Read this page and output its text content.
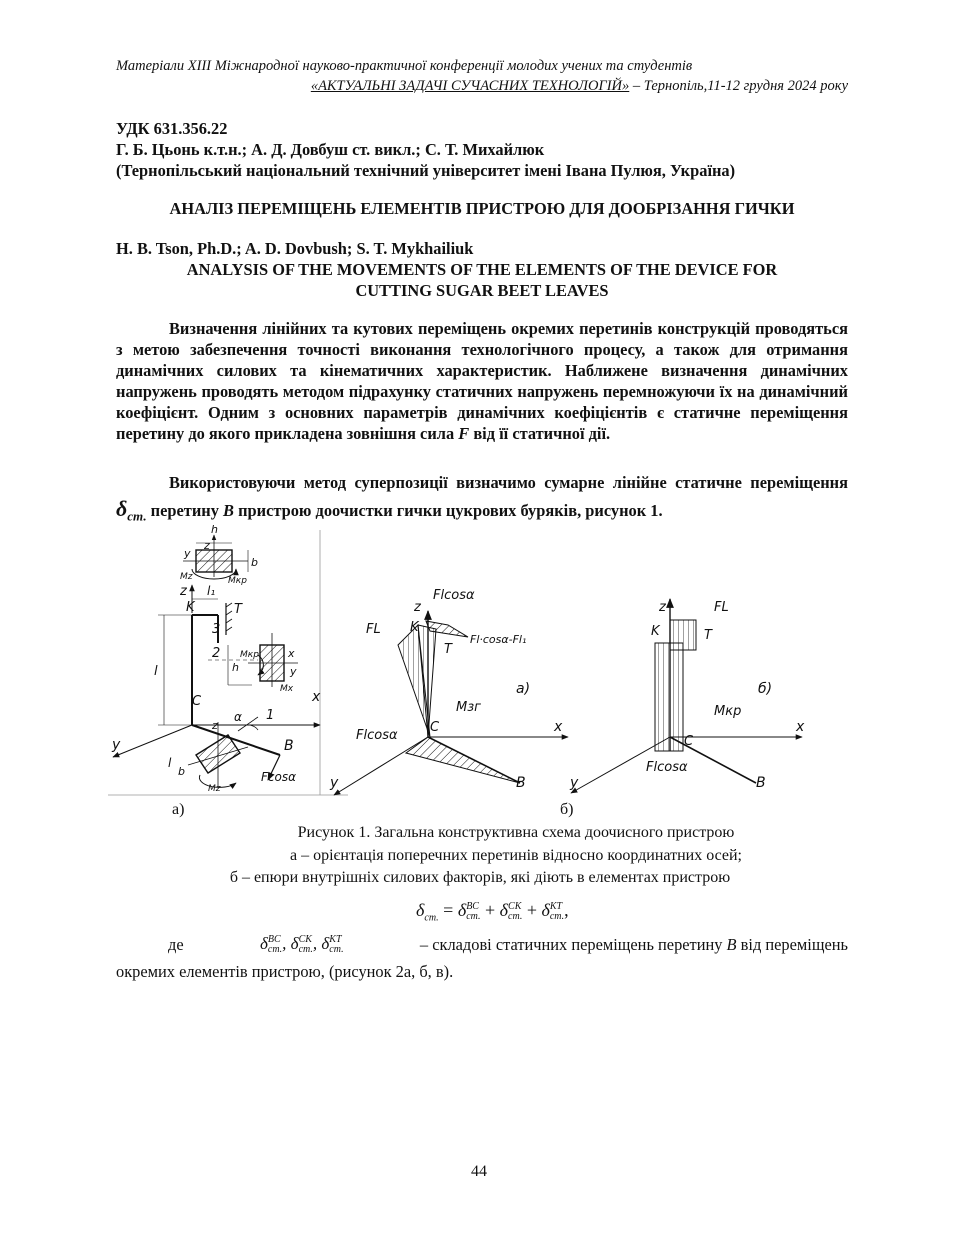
Матеріали XIII Міжнародної науково-практичної конференції молодих учених та студентів
«АКТУАЛЬНІ ЗАДАЧІ СУЧАСНИХ ТЕХНОЛОГІЙ» – Тернопіль,11-12 грудня 2024 року
УДК 631.356.22
Г. Б. Цьонь к.т.н.; А. Д. Довбуш ст. викл.; С. Т. Михайлюк
(Тернопільський національний технічний університет імені Івана Пулюя, Україна)
АНАЛІЗ ПЕРЕМІЩЕНЬ ЕЛЕМЕНТІВ ПРИСТРОЮ ДЛЯ ДООБРІЗАННЯ ГИЧКИ
H. B. Tson, Ph.D.; A. D. Dovbush; S. T. Mykhailiuk
ANALYSIS OF THE MOVEMENTS OF THE ELEMENTS OF THE DEVICE FOR
CUTTING SUGAR BEET LEAVES
Визначення лінійних та кутових переміщень окремих перетинів конструкцій проводяться з метою забезпечення точності виконання технологічного процесу, а також для отримання динамічних силових та кінематичних характеристик. Наближене визначення динамічних напружень проводять методом підрахунку статичних напружень перемножуючи їх на динамічний коефіцієнт. Одним з основних параметрів динамічних коефіцієнтів є статичне переміщення перетину до якого прикладена зовнішня сила F від її статичної дії.
Використовуючи метод суперпозиції визначимо сумарне лінійне статичне переміщення $\delta_{ст.}$ перетину B пристрою доочистки гички цукрових буряків, рисунок 1.
h
z
y
b
Mz	Mкр
z l₁
K	T
3
2
l
Mкр
h
x
y
Mx
C	x
α 1
z
y	B
l
b
Mz
Fcosα
Flcosα
z
FL K
Fl·cosα-Fl₁
T
a)
Mзг
Flcosα
C	x
y	B
z	FL
K	T
б)
Mкр
C
x
Flcosα
y	B
а)	б)
Рисунок 1. Загальна конструктивна схема доочисного пристрою
а – орієнтація поперечних перетинів відносно координатних осей;
б – епюри внутрішніх силових факторів, які діють в елементах пристрою
$\delta_{ст.} = \delta$ BC
ст. + δ CK
ст. + δ KT
ст. ,
де	δ BC
ст. , δ CK
ст. , δ KT
ст.	– складові статичних переміщень перетину B від переміщень
окремих елементів пристрою, (рисунок 2а, б, в).
44
